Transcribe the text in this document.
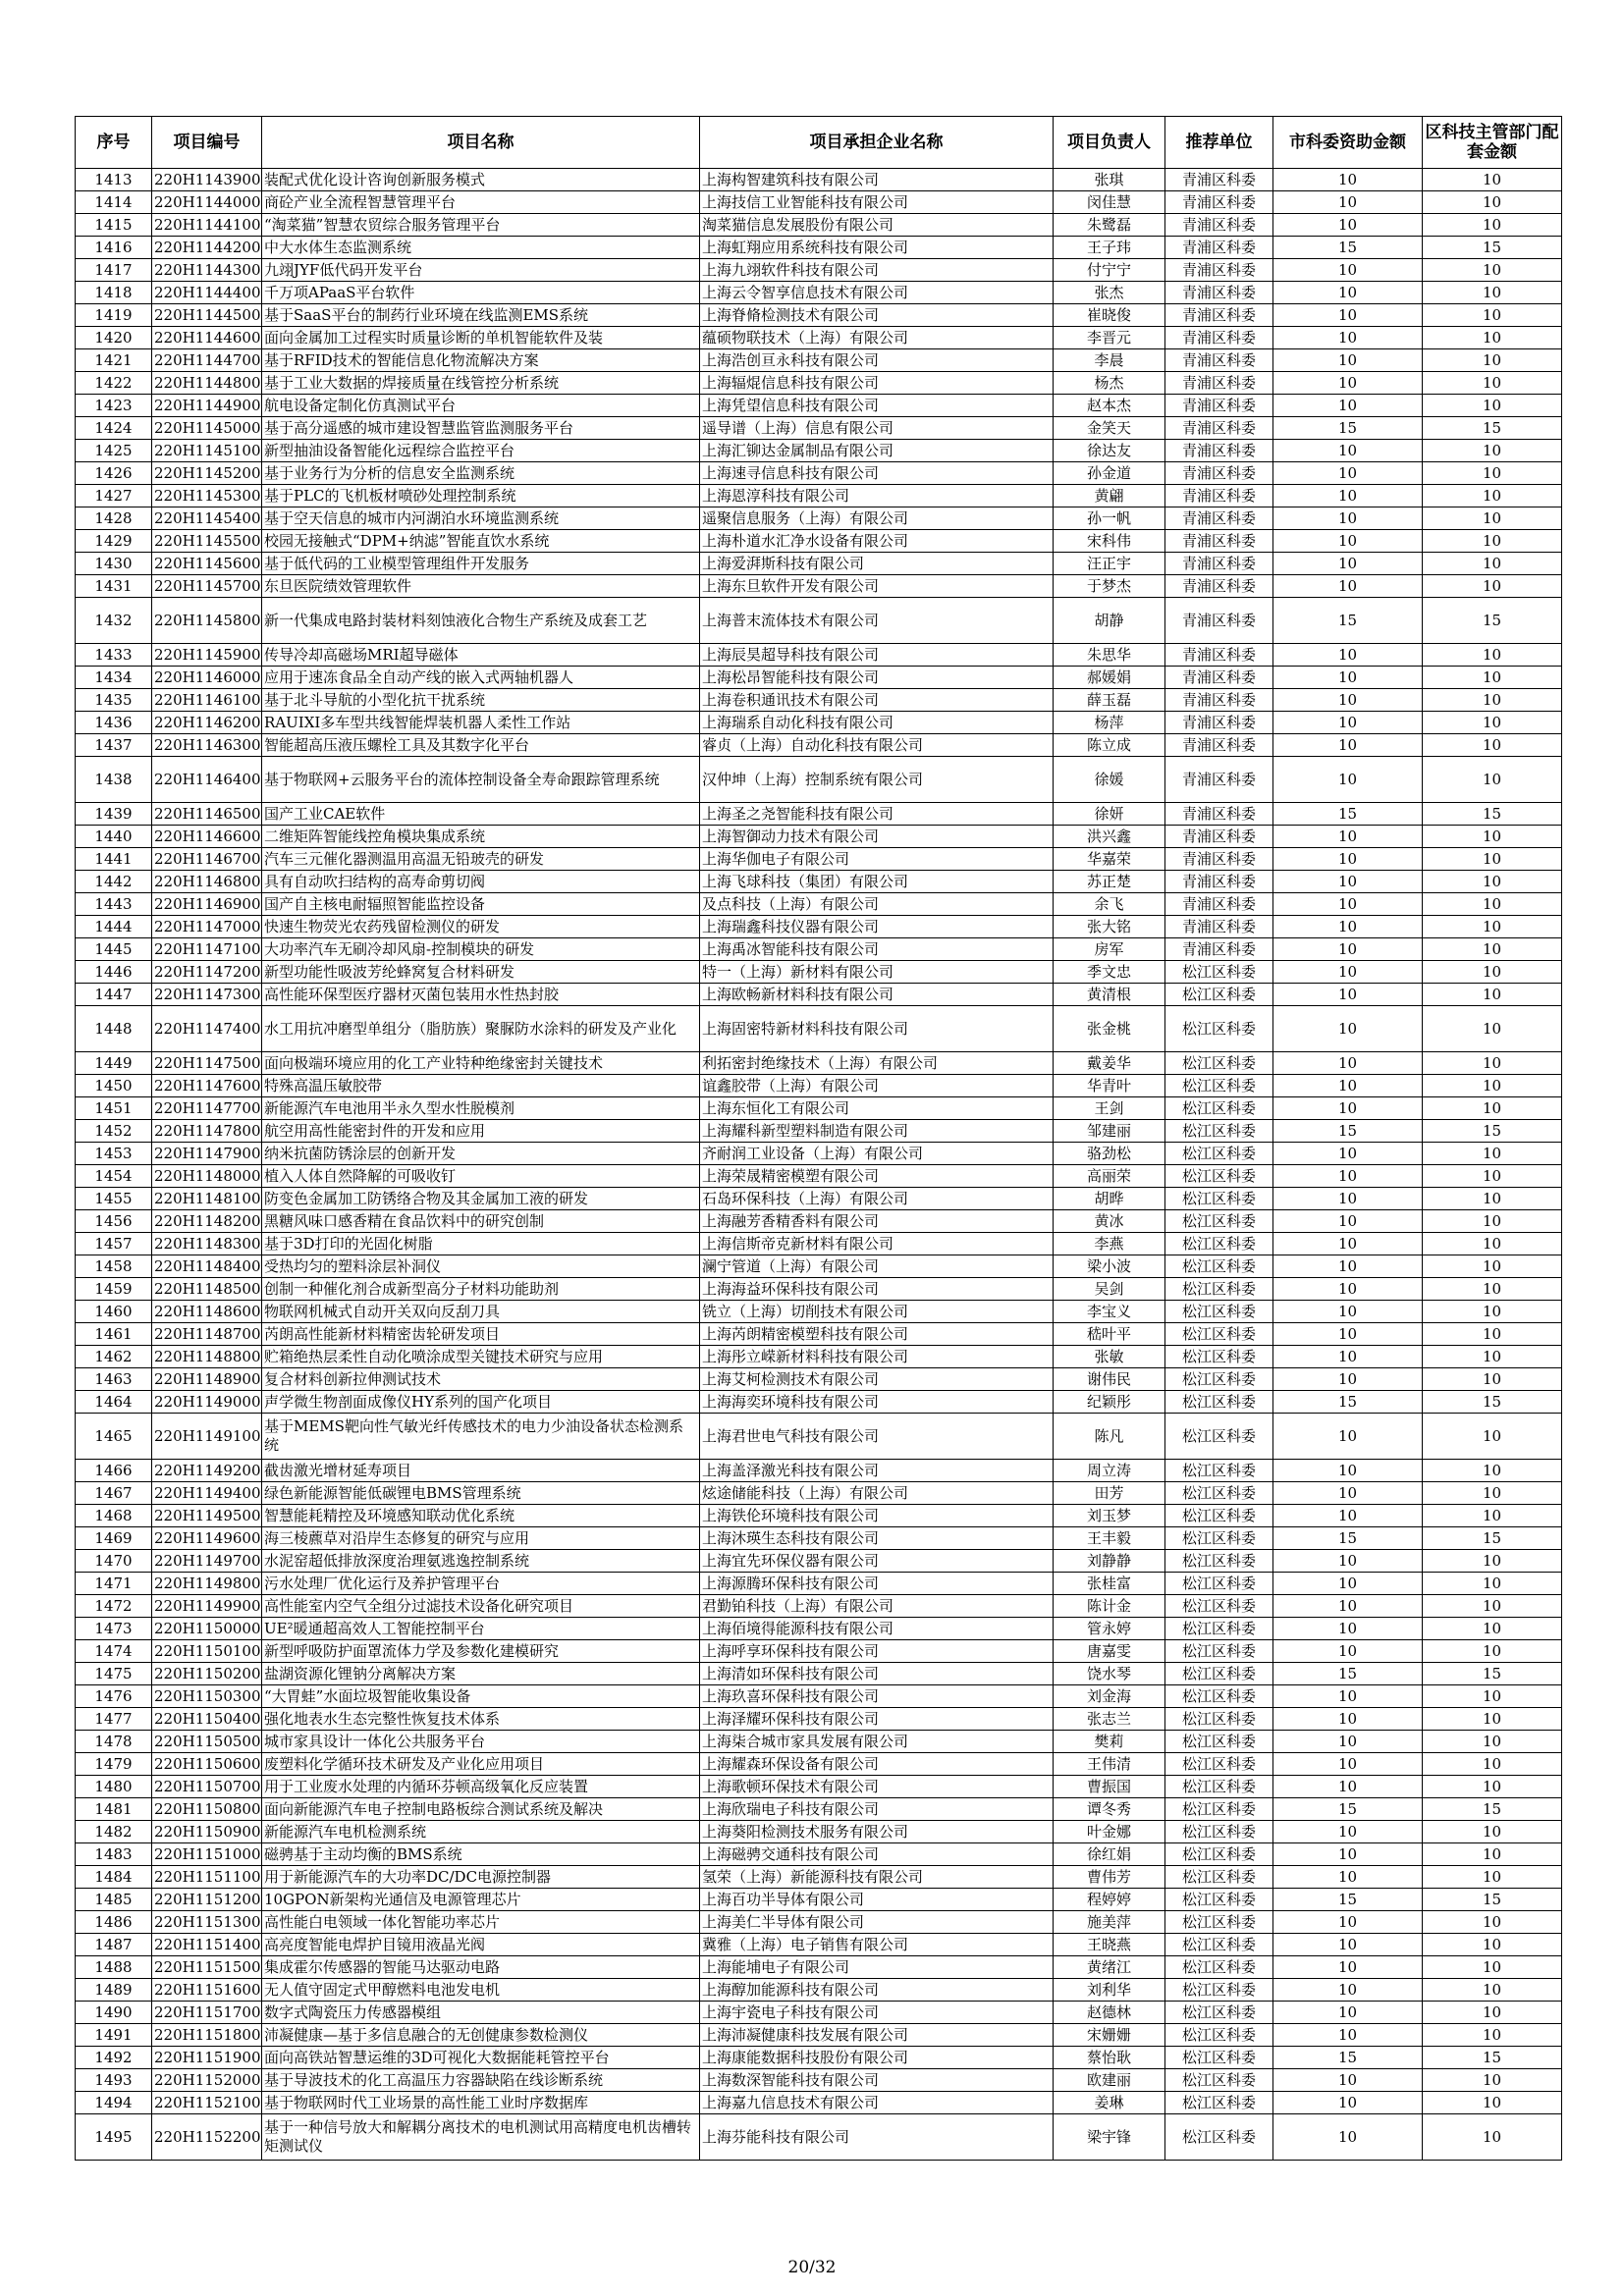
序号	项目编号	项目名称	项目承担企业名称	项目负责人	推荐单位	市科委资助金额	区科技主管部门配套金额
1413	220H1143900	装配式优化设计咨询创新服务模式	上海构智建筑科技有限公司	张琪	青浦区科委	10	10
1414	220H1144000	商砼产业全流程智慧管理平台	上海技信工业智能科技有限公司	闵佳慧	青浦区科委	10	10
1415	220H1144100	“淘菜猫”智慧农贸综合服务管理平台	淘菜猫信息发展股份有限公司	朱鹭磊	青浦区科委	10	10
1416	220H1144200	中大水体生态监测系统	上海虹翔应用系统科技有限公司	王子玮	青浦区科委	15	15
1417	220H1144300	九翊JYF低代码开发平台	上海九翊软件科技有限公司	付宁宁	青浦区科委	10	10
1418	220H1144400	千万项APaaS平台软件	上海云令智享信息技术有限公司	张杰	青浦区科委	10	10
1419	220H1144500	基于SaaS平台的制药行业环境在线监测EMS系统	上海脊脩检测技术有限公司	崔晓俊	青浦区科委	10	10
1420	220H1144600	面向金属加工过程实时质量诊断的单机智能软件及装	蕴硕物联技术（上海）有限公司	李晋元	青浦区科委	10	10
1421	220H1144700	基于RFID技术的智能信息化物流解决方案	上海浩创亘永科技有限公司	李晨	青浦区科委	10	10
1422	220H1144800	基于工业大数据的焊接质量在线管控分析系统	上海辐焜信息科技有限公司	杨杰	青浦区科委	10	10
1423	220H1144900	航电设备定制化仿真测试平台	上海凭望信息科技有限公司	赵本杰	青浦区科委	10	10
1424	220H1145000	基于高分遥感的城市建设智慧监管监测服务平台	遥导谱（上海）信息有限公司	金笑天	青浦区科委	15	15
1425	220H1145100	新型抽油设备智能化远程综合监控平台	上海汇铆达金属制品有限公司	徐达友	青浦区科委	10	10
1426	220H1145200	基于业务行为分析的信息安全监测系统	上海速寻信息科技有限公司	孙金道	青浦区科委	10	10
1427	220H1145300	基于PLC的飞机板材喷砂处理控制系统	上海恩淳科技有限公司	黄翩	青浦区科委	10	10
1428	220H1145400	基于空天信息的城市内河湖泊水环境监测系统	遥聚信息服务（上海）有限公司	孙一帆	青浦区科委	10	10
1429	220H1145500	校园无接触式“DPM+纳滤”智能直饮水系统	上海朴道水汇净水设备有限公司	宋科伟	青浦区科委	10	10
1430	220H1145600	基于低代码的工业模型管理组件开发服务	上海爱湃斯科技有限公司	汪正宇	青浦区科委	10	10
1431	220H1145700	东旦医院绩效管理软件	上海东旦软件开发有限公司	于梦杰	青浦区科委	10	10
1432	220H1145800	新一代集成电路封装材料刻蚀液化合物生产系统及成套工艺	上海普末流体技术有限公司	胡静	青浦区科委	15	15
1433	220H1145900	传导冷却高磁场MRI超导磁体	上海辰昊超导科技有限公司	朱思华	青浦区科委	10	10
1434	220H1146000	应用于速冻食品全自动产线的嵌入式两轴机器人	上海松昂智能科技有限公司	郝媛娟	青浦区科委	10	10
1435	220H1146100	基于北斗导航的小型化抗干扰系统	上海卷积通讯技术有限公司	薛玉磊	青浦区科委	10	10
1436	220H1146200	RAUIXI多车型共线智能焊装机器人柔性工作站	上海瑞系自动化科技有限公司	杨萍	青浦区科委	10	10
1437	220H1146300	智能超高压液压螺栓工具及其数字化平台	睿贞（上海）自动化科技有限公司	陈立成	青浦区科委	10	10
1438	220H1146400	基于物联网+云服务平台的流体控制设备全寿命跟踪管理系统	汉仲坤（上海）控制系统有限公司	徐媛	青浦区科委	10	10
1439	220H1146500	国产工业CAE软件	上海圣之尧智能科技有限公司	徐妍	青浦区科委	15	15
1440	220H1146600	二维矩阵智能线控角模块集成系统	上海智御动力技术有限公司	洪兴鑫	青浦区科委	10	10
1441	220H1146700	汽车三元催化器测温用高温无铅玻壳的研发	上海华伽电子有限公司	华嘉荣	青浦区科委	10	10
1442	220H1146800	具有自动吹扫结构的高寿命剪切阀	上海飞球科技（集团）有限公司	苏正楚	青浦区科委	10	10
1443	220H1146900	国产自主核电耐辐照智能监控设备	及点科技（上海）有限公司	余飞	青浦区科委	10	10
1444	220H1147000	快速生物荧光农药残留检测仪的研发	上海瑞鑫科技仪器有限公司	张大铭	青浦区科委	10	10
1445	220H1147100	大功率汽车无刷冷却风扇-控制模块的研发	上海禹冰智能科技有限公司	房军	青浦区科委	10	10
1446	220H1147200	新型功能性吸波芳纶蜂窝复合材料研发	特一（上海）新材料有限公司	季文忠	松江区科委	10	10
1447	220H1147300	高性能环保型医疗器材灭菌包装用水性热封胶	上海欧畅新材料科技有限公司	黄清根	松江区科委	10	10
1448	220H1147400	水工用抗冲磨型单组分（脂肪族）聚脲防水涂料的研发及产业化	上海固密特新材料科技有限公司	张金桃	松江区科委	10	10
1449	220H1147500	面向极端环境应用的化工产业特种绝缘密封关键技术	利拓密封绝缘技术（上海）有限公司	戴姜华	松江区科委	10	10
1450	220H1147600	特殊高温压敏胶带	谊鑫胶带（上海）有限公司	华青叶	松江区科委	10	10
1451	220H1147700	新能源汽车电池用半永久型水性脱模剂	上海东恒化工有限公司	王剑	松江区科委	10	10
1452	220H1147800	航空用高性能密封件的开发和应用	上海耀科新型塑料制造有限公司	邹建丽	松江区科委	15	15
1453	220H1147900	纳米抗菌防锈涂层的创新开发	齐耐润工业设备（上海）有限公司	骆劲松	松江区科委	10	10
1454	220H1148000	植入人体自然降解的可吸收钉	上海荣晟精密模塑有限公司	高丽荣	松江区科委	10	10
1455	220H1148100	防变色金属加工防锈络合物及其金属加工液的研发	石岛环保科技（上海）有限公司	胡晔	松江区科委	10	10
1456	220H1148200	黑糖风味口感香精在食品饮料中的研究创制	上海融芳香精香料有限公司	黄冰	松江区科委	10	10
1457	220H1148300	基于3D打印的光固化树脂	上海信斯帝克新材料有限公司	李燕	松江区科委	10	10
1458	220H1148400	受热均匀的塑料涂层补洞仪	澜宁管道（上海）有限公司	梁小波	松江区科委	10	10
1459	220H1148500	创制一种催化剂合成新型高分子材料功能助剂	上海海益环保科技有限公司	吴剑	松江区科委	10	10
1460	220H1148600	物联网机械式自动开关双向反刮刀具	铣立（上海）切削技术有限公司	李宝义	松江区科委	10	10
1461	220H1148700	芮朗高性能新材料精密齿轮研发项目	上海芮朗精密模塑科技有限公司	嵇叶平	松江区科委	10	10
1462	220H1148800	贮箱绝热层柔性自动化喷涂成型关键技术研究与应用	上海彤立嵘新材料科技有限公司	张敏	松江区科委	10	10
1463	220H1148900	复合材料创新拉伸测试技术	上海艾柯检测技术有限公司	谢伟民	松江区科委	10	10
1464	220H1149000	声学微生物剖面成像仪HY系列的国产化项目	上海海奕环境科技有限公司	纪颖彤	松江区科委	15	15
1465	220H1149100	基于MEMS靶向性气敏光纤传感技术的电力少油设备状态检测系统	上海君世电气科技有限公司	陈凡	松江区科委	10	10
1466	220H1149200	截齿激光增材延寿项目	上海盖泽激光科技有限公司	周立涛	松江区科委	10	10
1467	220H1149400	绿色新能源智能低碳锂电BMS管理系统	炫途储能科技（上海）有限公司	田芳	松江区科委	10	10
1468	220H1149500	智慧能耗精控及环境感知联动优化系统	上海铁伦环境科技有限公司	刘玉梦	松江区科委	10	10
1469	220H1149600	海三棱藨草对沿岸生态修复的研究与应用	上海沐瑛生态科技有限公司	王丰毅	松江区科委	15	15
1470	220H1149700	水泥窑超低排放深度治理氨逃逸控制系统	上海宜先环保仪器有限公司	刘静静	松江区科委	10	10
1471	220H1149800	污水处理厂优化运行及养护管理平台	上海源腾环保科技有限公司	张桂富	松江区科委	10	10
1472	220H1149900	高性能室内空气全组分过滤技术设备化研究项目	君勤铂科技（上海）有限公司	陈计金	松江区科委	10	10
1473	220H1150000	UE²暖通超高效人工智能控制平台	上海佰境得能源科技有限公司	管永婷	松江区科委	10	10
1474	220H1150100	新型呼吸防护面罩流体力学及参数化建模研究	上海呼享环保科技有限公司	唐嘉雯	松江区科委	10	10
1475	220H1150200	盐湖资源化锂钠分离解决方案	上海清如环保科技有限公司	饶水琴	松江区科委	15	15
1476	220H1150300	“大胃蛙”水面垃圾智能收集设备	上海玖喜环保科技有限公司	刘金海	松江区科委	10	10
1477	220H1150400	强化地表水生态完整性恢复技术体系	上海泽耀环保科技有限公司	张志兰	松江区科委	10	10
1478	220H1150500	城市家具设计一体化公共服务平台	上海柒合城市家具发展有限公司	樊莉	松江区科委	10	10
1479	220H1150600	废塑料化学循环技术研发及产业化应用项目	上海耀森环保设备有限公司	王伟清	松江区科委	10	10
1480	220H1150700	用于工业废水处理的内循环芬顿高级氧化反应装置	上海歌顿环保技术有限公司	曹振国	松江区科委	10	10
1481	220H1150800	面向新能源汽车电子控制电路板综合测试系统及解决	上海欣瑞电子科技有限公司	谭冬秀	松江区科委	15	15
1482	220H1150900	新能源汽车电机检测系统	上海葵阳检测技术服务有限公司	叶金娜	松江区科委	10	10
1483	220H1151000	磁骋基于主动均衡的BMS系统	上海磁骋交通科技有限公司	徐红娟	松江区科委	10	10
1484	220H1151100	用于新能源汽车的大功率DC/DC电源控制器	氢荣（上海）新能源科技有限公司	曹伟芳	松江区科委	10	10
1485	220H1151200	10GPON新架构光通信及电源管理芯片	上海百功半导体有限公司	程婷婷	松江区科委	15	15
1486	220H1151300	高性能白电领域一体化智能功率芯片	上海美仁半导体有限公司	施美萍	松江区科委	10	10
1487	220H1151400	高亮度智能电焊护目镜用液晶光阀	冀雅（上海）电子销售有限公司	王晓燕	松江区科委	10	10
1488	220H1151500	集成霍尔传感器的智能马达驱动电路	上海能埔电子有限公司	黄绪江	松江区科委	10	10
1489	220H1151600	无人值守固定式甲醇燃料电池发电机	上海醇加能源科技有限公司	刘利华	松江区科委	10	10
1490	220H1151700	数字式陶瓷压力传感器模组	上海宇瓷电子科技有限公司	赵德林	松江区科委	10	10
1491	220H1151800	沛凝健康—基于多信息融合的无创健康参数检测仪	上海沛凝健康科技发展有限公司	宋姗姗	松江区科委	10	10
1492	220H1151900	面向高铁站智慧运维的3D可视化大数据能耗管控平台	上海康能数据科技股份有限公司	蔡怡耿	松江区科委	15	15
1493	220H1152000	基于导波技术的化工高温压力容器缺陷在线诊断系统	上海数深智能科技有限公司	欧建丽	松江区科委	10	10
1494	220H1152100	基于物联网时代工业场景的高性能工业时序数据库	上海嘉九信息技术有限公司	姜琳	松江区科委	10	10
1495	220H1152200	基于一种信号放大和解耦分离技术的电机测试用高精度电机齿槽转矩测试仪	上海芬能科技有限公司	梁宇锋	松江区科委	10	10
20/32
